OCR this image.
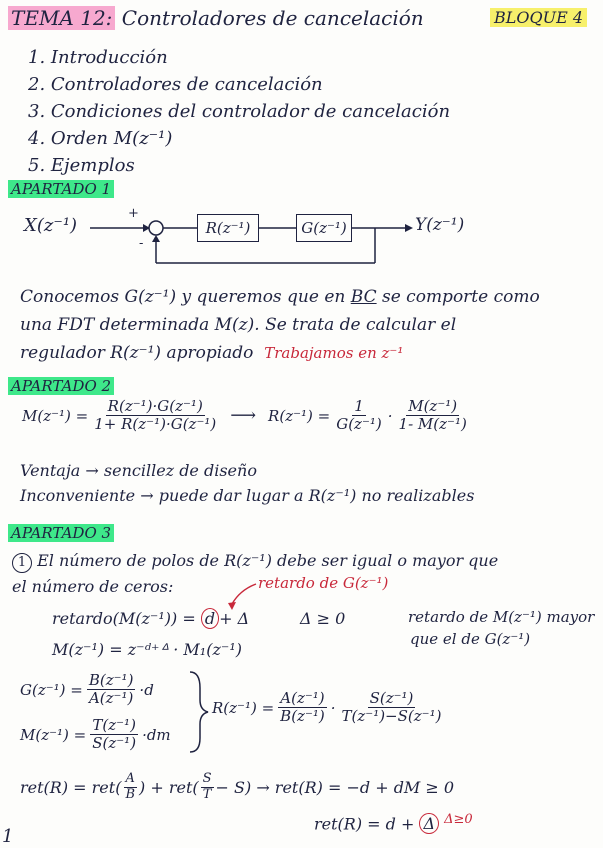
TEMA 12: Controladores de cancelación	BLOQUE 4
1. Introducción
2. Controladores de cancelación
3. Condiciones del controlador de cancelación
4. Orden M(z⁻¹)
5. Ejemplos
APARTADO 1
X(z⁻¹)
+
-
R(z⁻¹)	G(z⁻¹)	Y(z⁻¹)
Conocemos G(z⁻¹) y queremos que en BC se comporte como
una FDT determinada M(z). Se trata de calcular el
regulador R(z⁻¹) apropiado Trabajamos en z⁻¹
APARTADO 2
$M(z^{-1}) = \frac{\text{R(z⁻¹)·G(z⁻¹)}}{\text{1+ R(z⁻¹)·G(z⁻¹)}}$ ⟶ $R(z^{-1}) = \frac{1}{\text{G(z⁻¹)}} \cdot \frac{\text{M(z⁻¹)}}{\text{1- M(z⁻¹)}}$
Ventaja → sencillez de diseño
Inconveniente → puede dar lugar a R(z⁻¹) no realizables
APARTADO 3
1 El número de polos de R(z⁻¹) debe ser igual o mayor que
el número de ceros:	retardo de G(z⁻¹)
retardo(M(z⁻¹)) = d + Δ	Δ ≥ 0	retardo de M(z⁻¹) mayor
que el de G(z⁻¹)
M(z⁻¹) = z⁻ᵈ⁺ᐞ · M₁(z⁻¹)
$G(z^{-1}) = \frac{\text{B(z⁻¹)}}{\text{A(z⁻¹)}} \cdot d$
$M(z^{-1}) = \frac{\text{T(z⁻¹)}}{\text{S(z⁻¹)}} \cdot dm$
$R(z^{-1}) = \frac{\text{A(z⁻¹)}}{\text{B(z⁻¹)}} \cdot \frac{\text{S(z⁻¹)}}{\text{T(z⁻¹)−S(z⁻¹)}}$
$ret(R) = ret( \frac{A}{B}$ ) + $ret( \frac{S}{T} - S) \to ret(R) = -d$ + dM ≥ 0
ret(R) = d + Δ $^{\Delta\ge 0}$
1
